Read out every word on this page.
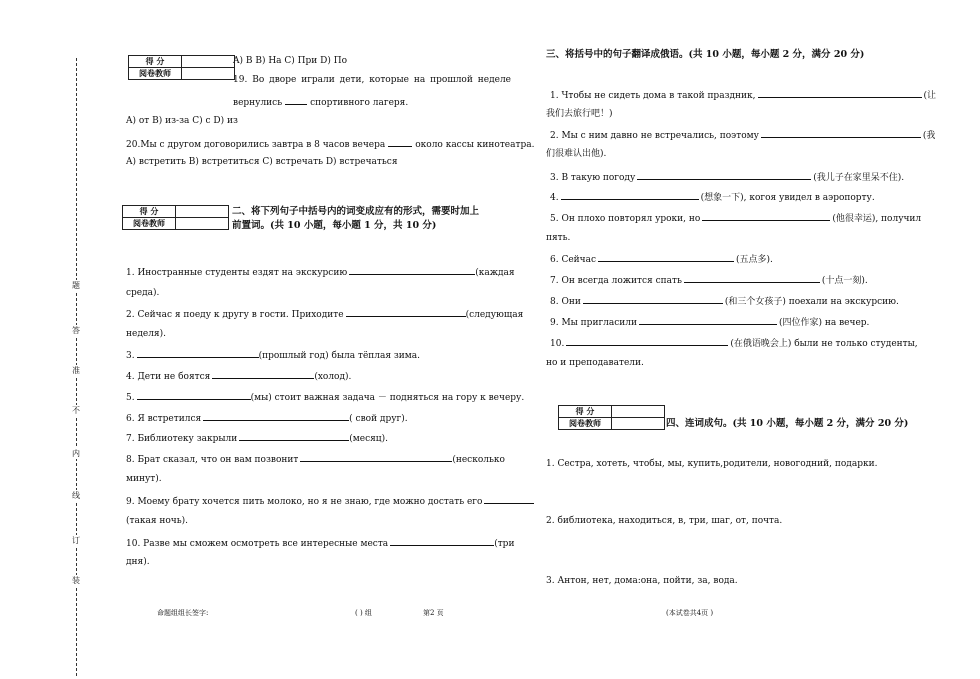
题
答
准
不
内
线
订
装
得 分	
阅卷教师	
A) В B) На C) При D) По
19. Во дворе играли дети, которые на прошлой неделе
вернулись	спортивного лагеря.
A) от B) из-за C) с D) из
20.Мы с другом договорились завтра в 8 часов вечера	около кассы кинотеатра.
A) встретить B) встретиться C) встречать D) встречаться
得 分	
阅卷教师	
二、将下列句子中括号内的词变成应有的形式，需要时加上
前置词。(共 10 小题，每小题 1 分，共 10 分)
1. Иностранные студенты ездят на экскурсию	(каждая
среда).
2. Сейчас я поеду к другу в гости. Приходите	(следующая
неделя).
3.	(прошлый год) была тёплая зима.
4. Дети не боятся	(холод).
5.	(мы) стоит важная задача － подняться на гору к вечеру.
6. Я встретился	( свой друг).
7. Библиотеку закрыли	(месяц).
8. Брат сказал, что он вам позвонит	(несколько
минут).
9. Моему брату хочется пить молоко, но я не знаю, где можно достать его
(такая ночь).
10. Разве мы сможем осмотреть все интересные места	(три
дня).
三、将括号中的句子翻译成俄语。(共 10 小题，每小题 2 分，满分 20 分)
1. Чтобы не сидеть дома в такой праздник,	(让
我们去旅行吧！)
2. Мы с ним давно не встречались, поэтому	(我
们很难认出他).
3. В такую погоду	(我儿子在家里呆不住).
4.	(想象一下), когоя увидел в аэропорту.
5. Он плохо повторял уроки, но	(他很幸运), получил
пять.
6. Сейчас	(五点多).
7. Он всегда ложится спать	(十点一刻).
8. Они	(和三个女孩子) поехали на экскурсию.
9. Мы пригласили	(四位作家) на вечер.
10.	(在俄语晚会上) были не только студенты,
но и преподаватели.
得 分	
阅卷教师		四、连词成句。(共 10 小题，每小题 2 分，满分 20 分)
1. Сестра, хотеть, чтобы, мы, купить,родители, новогодний, подарки.
2. библиотека, находиться, в, три, шаг, от, почта.
3. Антон, нет, дома:она, пойти, за, вода.
命题组组长签字:	( ) 组	第2 页	(本试卷共4页 )
